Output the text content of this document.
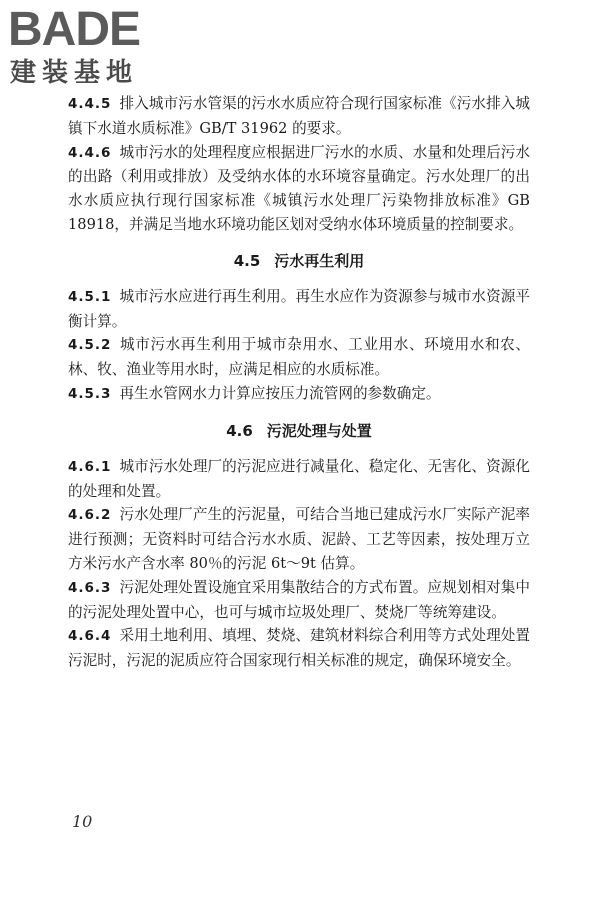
BADE
建装基地

4.4.5 排入城市污水管渠的污水水质应符合现行国家标准《污水排入城镇下水道水质标准》GB/T 31962 的要求。

4.4.6 城市污水的处理程度应根据进厂污水的水质、水量和处理后污水的出路（利用或排放）及受纳水体的水环境容量确定。污水处理厂的出水水质应执行现行国家标准《城镇污水处理厂污染物排放标准》GB 18918，并满足当地水环境功能区划对受纳水体环境质量的控制要求。

4.5 污水再生利用

4.5.1 城市污水应进行再生利用。再生水应作为资源参与城市水资源平衡计算。

4.5.2 城市污水再生利用于城市杂用水、工业用水、环境用水和农、林、牧、渔业等用水时，应满足相应的水质标准。

4.5.3 再生水管网水力计算应按压力流管网的参数确定。

4.6 污泥处理与处置

4.6.1 城市污水处理厂的污泥应进行减量化、稳定化、无害化、资源化的处理和处置。

4.6.2 污水处理厂产生的污泥量，可结合当地已建成污水厂实际产泥率进行预测；无资料时可结合污水水质、泥龄、工艺等因素，按处理万立方米污水产含水率 80％的污泥 6t～9t 估算。

4.6.3 污泥处理处置设施宜采用集散结合的方式布置。应规划相对集中的污泥处理处置中心，也可与城市垃圾处理厂、焚烧厂等统筹建设。

4.6.4 采用土地利用、填埋、焚烧、建筑材料综合利用等方式处理处置污泥时，污泥的泥质应符合国家现行相关标准的规定，确保环境安全。

10
